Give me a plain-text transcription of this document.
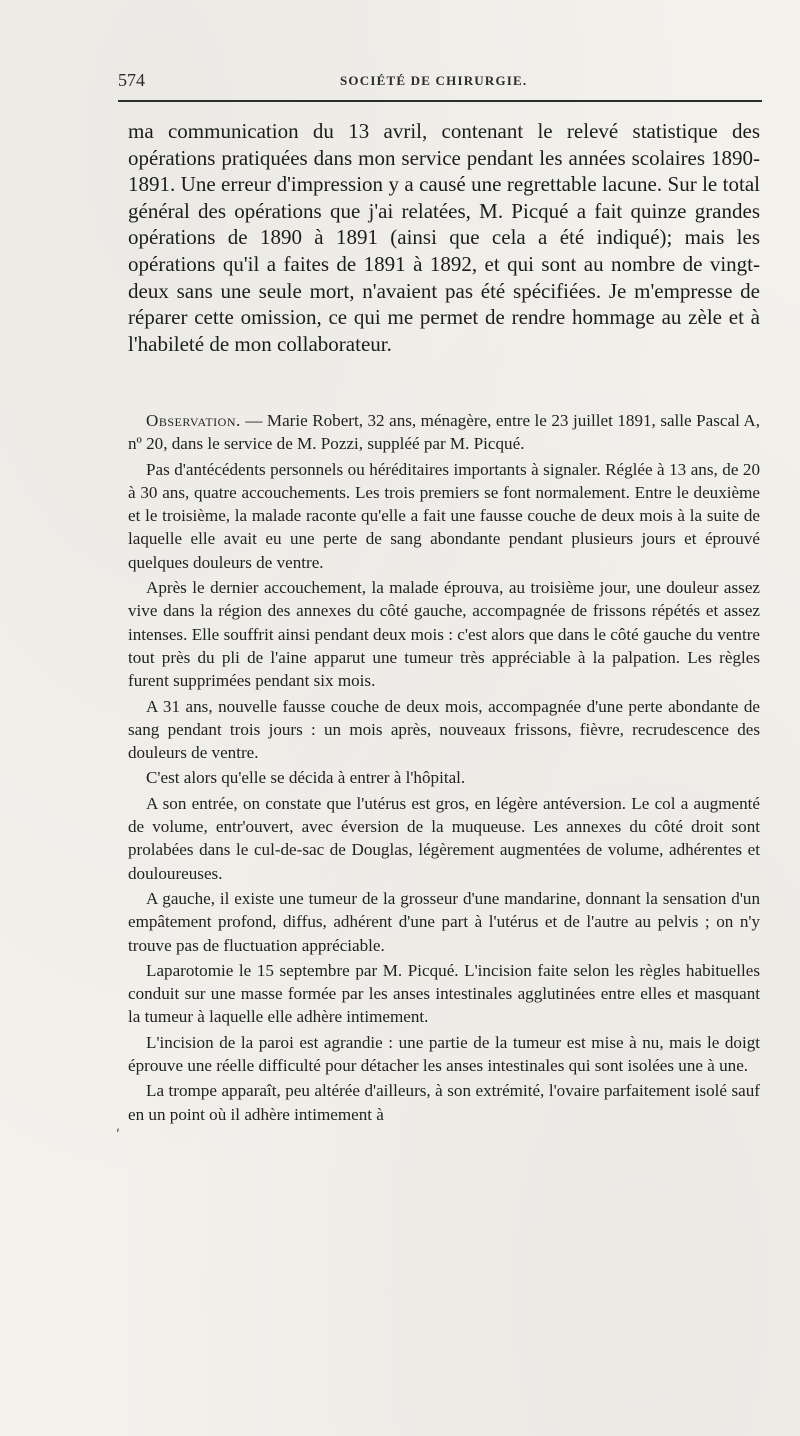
574	SOCIÉTÉ DE CHIRURGIE.

ma communication du 13 avril, contenant le relevé statistique des opérations pratiquées dans mon service pendant les années scolaires 1890-1891. Une erreur d'impression y a causé une regrettable lacune. Sur le total général des opérations que j'ai relatées, M. Picqué a fait quinze grandes opérations de 1890 à 1891 (ainsi que cela a été indiqué); mais les opérations qu'il a faites de 1891 à 1892, et qui sont au nombre de vingt-deux sans une seule mort, n'avaient pas été spécifiées. Je m'empresse de réparer cette omission, ce qui me permet de rendre hommage au zèle et à l'habileté de mon collaborateur.

Observation. — Marie Robert, 32 ans, ménagère, entre le 23 juillet 1891, salle Pascal A, nº 20, dans le service de M. Pozzi, suppléé par M. Picqué.

Pas d'antécédents personnels ou héréditaires importants à signaler. Réglée à 13 ans, de 20 à 30 ans, quatre accouchements. Les trois premiers se font normalement. Entre le deuxième et le troisième, la malade raconte qu'elle a fait une fausse couche de deux mois à la suite de laquelle elle avait eu une perte de sang abondante pendant plusieurs jours et éprouvé quelques douleurs de ventre.

Après le dernier accouchement, la malade éprouva, au troisième jour, une douleur assez vive dans la région des annexes du côté gauche, accompagnée de frissons répétés et assez intenses. Elle souffrit ainsi pendant deux mois : c'est alors que dans le côté gauche du ventre tout près du pli de l'aine apparut une tumeur très appréciable à la palpation. Les règles furent supprimées pendant six mois.

A 31 ans, nouvelle fausse couche de deux mois, accompagnée d'une perte abondante de sang pendant trois jours : un mois après, nouveaux frissons, fièvre, recrudescence des douleurs de ventre.

C'est alors qu'elle se décida à entrer à l'hôpital.

A son entrée, on constate que l'utérus est gros, en légère antéversion. Le col a augmenté de volume, entr'ouvert, avec éversion de la muqueuse. Les annexes du côté droit sont prolabées dans le cul-de-sac de Douglas, légèrement augmentées de volume, adhérentes et douloureuses.

A gauche, il existe une tumeur de la grosseur d'une mandarine, donnant la sensation d'un empâtement profond, diffus, adhérent d'une part à l'utérus et de l'autre au pelvis ; on n'y trouve pas de fluctuation appréciable.

Laparotomie le 15 septembre par M. Picqué. L'incision faite selon les règles habituelles conduit sur une masse formée par les anses intestinales agglutinées entre elles et masquant la tumeur à laquelle elle adhère intimement.

L'incision de la paroi est agrandie : une partie de la tumeur est mise à nu, mais le doigt éprouve une réelle difficulté pour détacher les anses intestinales qui sont isolées une à une.

La trompe apparaît, peu altérée d'ailleurs, à son extrémité, l'ovaire parfaitement isolé sauf en un point où il adhère intimement à

ʹ
